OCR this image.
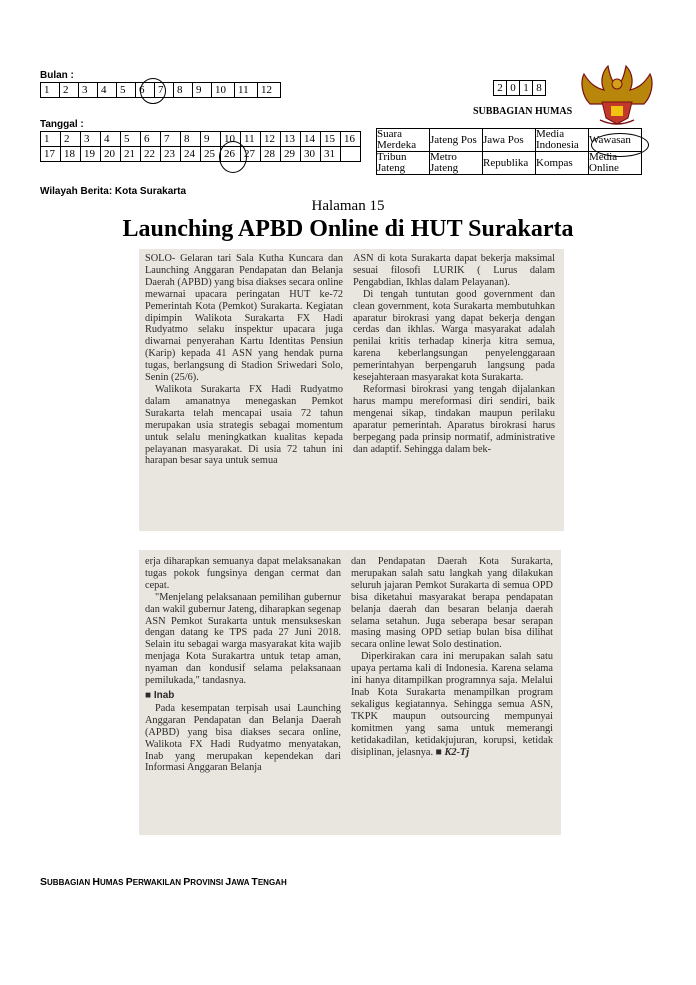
Bulan :
1	2	3	4	5	6	7	8	9	10	11	12
Tanggal :
1	2	3	4	5	6	7	8	9	10	11	12	13	14	15	16
17	18	19	20	21	22	23	24	25	26	27	28	29	30	31	
Wilayah Berita: Kota Surakarta
2	0	1	8
SUBBAGIAN HUMAS
Suara Merdeka	Jateng Pos	Jawa Pos	Media Indonesia	Wawasan
Tribun Jateng	Metro Jateng	Republika	Kompas	Media Online
Halaman 15
Launching APBD Online di HUT Surakarta

SOLO- Gelaran tari Sala Kutha Kuncara dan Launching Anggaran Pendapatan dan Belanja Daerah (APBD) yang bisa diakses secara online mewarnai upacara peringatan HUT ke-72 Pemerintah Kota (Pemkot) Surakarta. Kegiatan dipimpin Walikota Surakarta FX Hadi Rudyatmo selaku inspektur upacara juga diwarnai penyerahan Kartu Identitas Pensiun (Karip) kepada 41 ASN yang hendak purna tugas, berlangsung di Stadion Sriwedari Solo, Senin (25/6).

Walikota Surakarta FX Hadi Rudyatmo dalam amanatnya menegaskan Pemkot Surakarta telah mencapai usaia 72 tahun merupakan usia strategis sebagai momentum untuk selalu meningkatkan kualitas kepada pelayanan masyarakat. Di usia 72 tahun ini harapan besar saya untuk semua

ASN di kota Surakarta dapat bekerja maksimal sesuai filosofi LURIK ( Lurus dalam Pengabdian, Ikhlas dalam Pelayanan).

Di tengah tuntutan good government dan clean government, kota Surakarta membutuhkan aparatur birokrasi yang dapat bekerja dengan cerdas dan ikhlas. Warga masyarakat adalah penilai kritis terhadap kinerja kitra semua, karena keberlangsungan penyelenggaraan pemerintahyan berpengaruh langsung pada kesejahteraan masyarakat kota Surakarta.

Reformasi birokrasi yang tengah dijalankan harus mampu mereformasi diri sendiri, baik mengenai sikap, tindakan maupun perilaku aparatur pemerintah. Aparatus birokrasi harus berpegang pada prinsip normatif, administrative dan adaptif. Sehingga dalam bek-

erja diharapkan semuanya dapat melaksanakan tugas pokok fungsinya dengan cermat dan cepat.

"Menjelang pelaksanaan pemilihan gubernur dan wakil gubernur Jateng, diharapkan segenap ASN Pemkot Surakarta untuk mensukseskan dengan datang ke TPS pada 27 Juni 2018. Selain itu sebagai warga masyarakat kita wajib menjaga Kota Surakartra untuk tetap aman, nyaman dan kondusif selama pelaksanaan pemilukada," tandasnya.

■ Inab

Pada kesempatan terpisah usai Launching Anggaran Pendapatan dan Belanja Daerah (APBD) yang bisa diakses secara online, Walikota FX Hadi Rudyatmo menyatakan, Inab yang merupakan kependekan dari Informasi Anggaran Belanja

dan Pendapatan Daerah Kota Surakarta, merupakan salah satu langkah yang dilakukan seluruh jajaran Pemkot Surakarta di semua OPD bisa diketahui masyarakat berapa pendapatan belanja daerah dan besaran belanja daerah selama setahun. Juga seberapa besar serapan masing masing OPD setiap bulan bisa dilihat secara online lewat Solo destination.

Diperkirakan cara ini merupakan salah satu upaya pertama kali di Indonesia. Karena selama ini hanya ditampilkan programnya saja. Melalui Inab Kota Surakarta menampilkan program sekaligus kegiatannya. Sehingga semua ASN, TKPK maupun outsourcing mempunyai komitmen yang sama untuk memerangi ketidakadilan, ketidakjujuran, korupsi, ketidak disiplinan, jelasnya. ■ K2-Tj

SUBBAGIAN HUMAS PERWAKILAN PROVINSI JAWA TENGAH
